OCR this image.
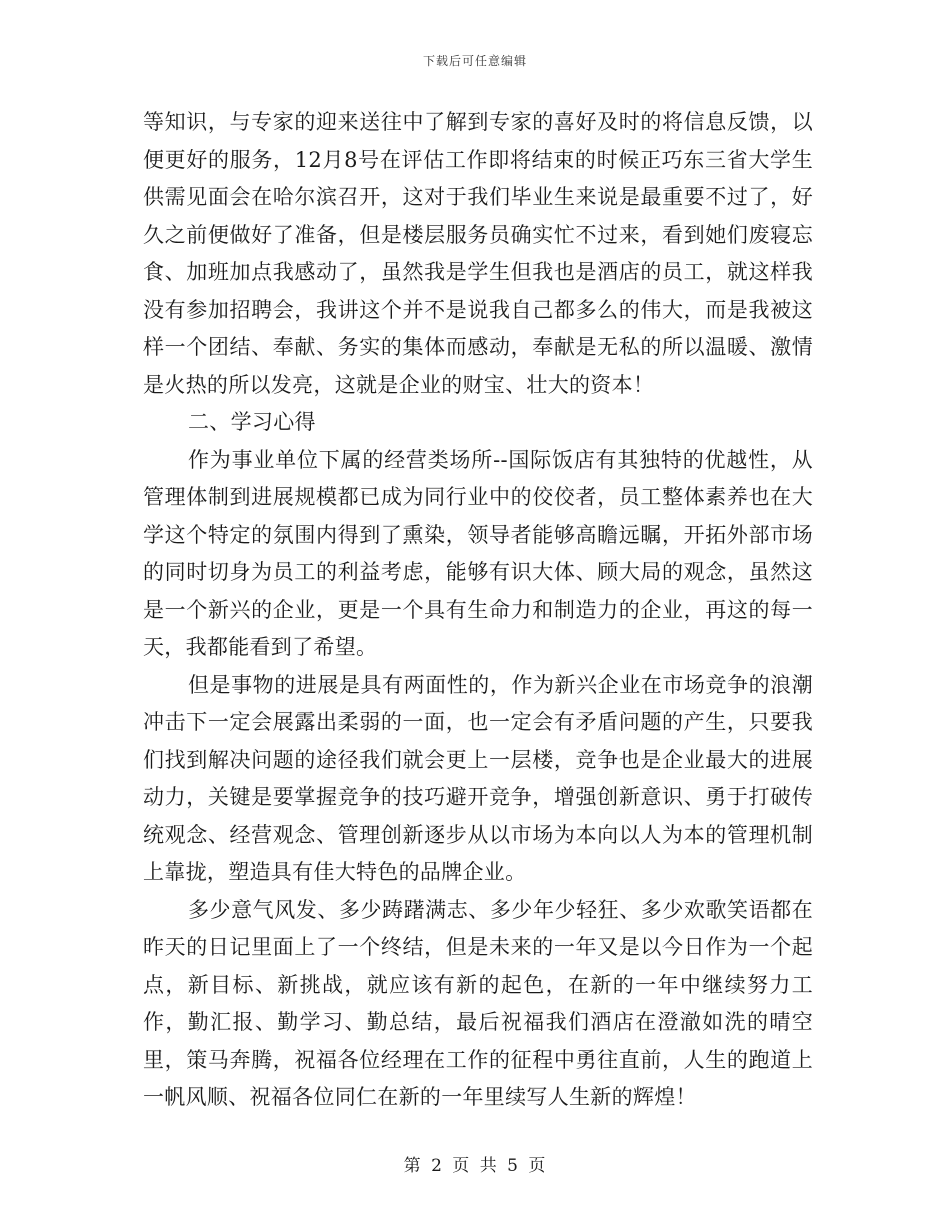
下载后可任意编辑

等知识，与专家的迎来送往中了解到专家的喜好及时的将信息反馈，以便更好的服务，12月8号在评估工作即将结束的时候正巧东三省大学生供需见面会在哈尔滨召开，这对于我们毕业生来说是最重要不过了，好久之前便做好了准备，但是楼层服务员确实忙不过来，看到她们废寝忘食、加班加点我感动了，虽然我是学生但我也是酒店的员工，就这样我没有参加招聘会，我讲这个并不是说我自己都多么的伟大，而是我被这样一个团结、奉献、务实的集体而感动，奉献是无私的所以温暖、激情是火热的所以发亮，这就是企业的财宝、壮大的资本！

二、学习心得

作为事业单位下属的经营类场所--国际饭店有其独特的优越性，从管理体制到进展规模都已成为同行业中的佼佼者，员工整体素养也在大学这个特定的氛围内得到了熏染，领导者能够高瞻远瞩，开拓外部市场的同时切身为员工的利益考虑，能够有识大体、顾大局的观念，虽然这是一个新兴的企业，更是一个具有生命力和制造力的企业，再这的每一天，我都能看到了希望。

但是事物的进展是具有两面性的，作为新兴企业在市场竞争的浪潮冲击下一定会展露出柔弱的一面，也一定会有矛盾问题的产生，只要我们找到解决问题的途径我们就会更上一层楼，竞争也是企业最大的进展动力，关键是要掌握竞争的技巧避开竞争，增强创新意识、勇于打破传统观念、经营观念、管理创新逐步从以市场为本向以人为本的管理机制上靠拢，塑造具有佳大特色的品牌企业。

多少意气风发、多少踌躇满志、多少年少轻狂、多少欢歌笑语都在昨天的日记里面上了一个终结，但是未来的一年又是以今日作为一个起点，新目标、新挑战，就应该有新的起色，在新的一年中继续努力工作，勤汇报、勤学习、勤总结，最后祝福我们酒店在澄澈如洗的晴空里，策马奔腾，祝福各位经理在工作的征程中勇往直前，人生的跑道上一帆风顺、祝福各位同仁在新的一年里续写人生新的辉煌！

第 2 页 共 5 页
